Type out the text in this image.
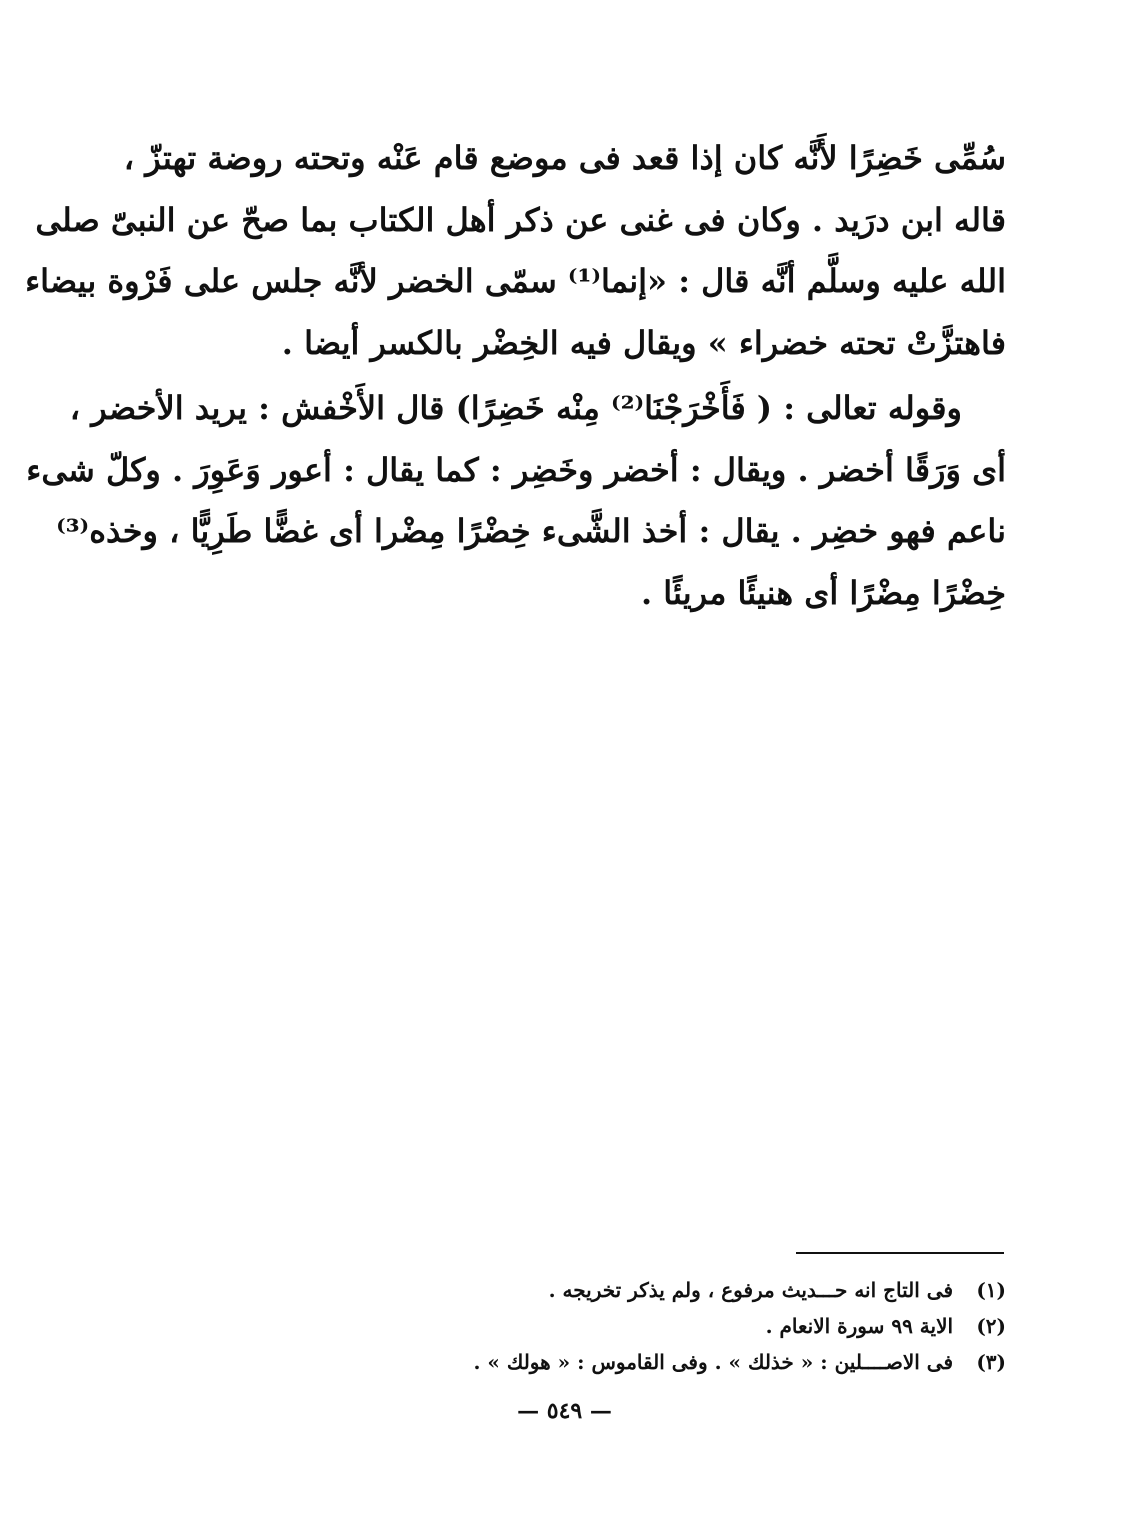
سُمِّى خَضِرًا لأَنَّه كان إذا قعد فى موضع قام عَنْه وتحته روضة تهتزّ ،
قاله ابن درَيد . وكان فى غنى عن ذكر أهل الكتاب بما صحّ عن النبىّ صلى
الله عليه وسلَّم أنَّه قال : «إنما⁽¹⁾ سمّى الخضر لأنَّه جلس على فَرْوة بيضاء
فاهتزَّتْ تحته خضراء » ويقال فيه الخِضْر بالكسر أيضا .
وقوله تعالى : ( فَأَخْرَجْنَا⁽²⁾ مِنْه خَضِرًا) قال الأَخْفش : يريد الأخضر ،
أى وَرَقًا أخضر . ويقال : أخضر وخَضِر : كما يقال : أعور وَعَوِرَ . وكلّ شىء
ناعم فهو خضِر . يقال : أخذ الشَّىء خِضْرًا مِضْرا أى غضًّا طَرِيًّا ، وخذه⁽³⁾
خِضْرًا مِضْرًا أى هنيئًا مريئًا .
(١) فى التاج انه حـــديث مرفوع ، ولم يذكر تخريجه .
(٢) الاية ٩٩ سورة الانعام .
(٣) فى الاصــــلين : « خذلك » . وفى القاموس : « هولك » .
— ٥٤٩ —
